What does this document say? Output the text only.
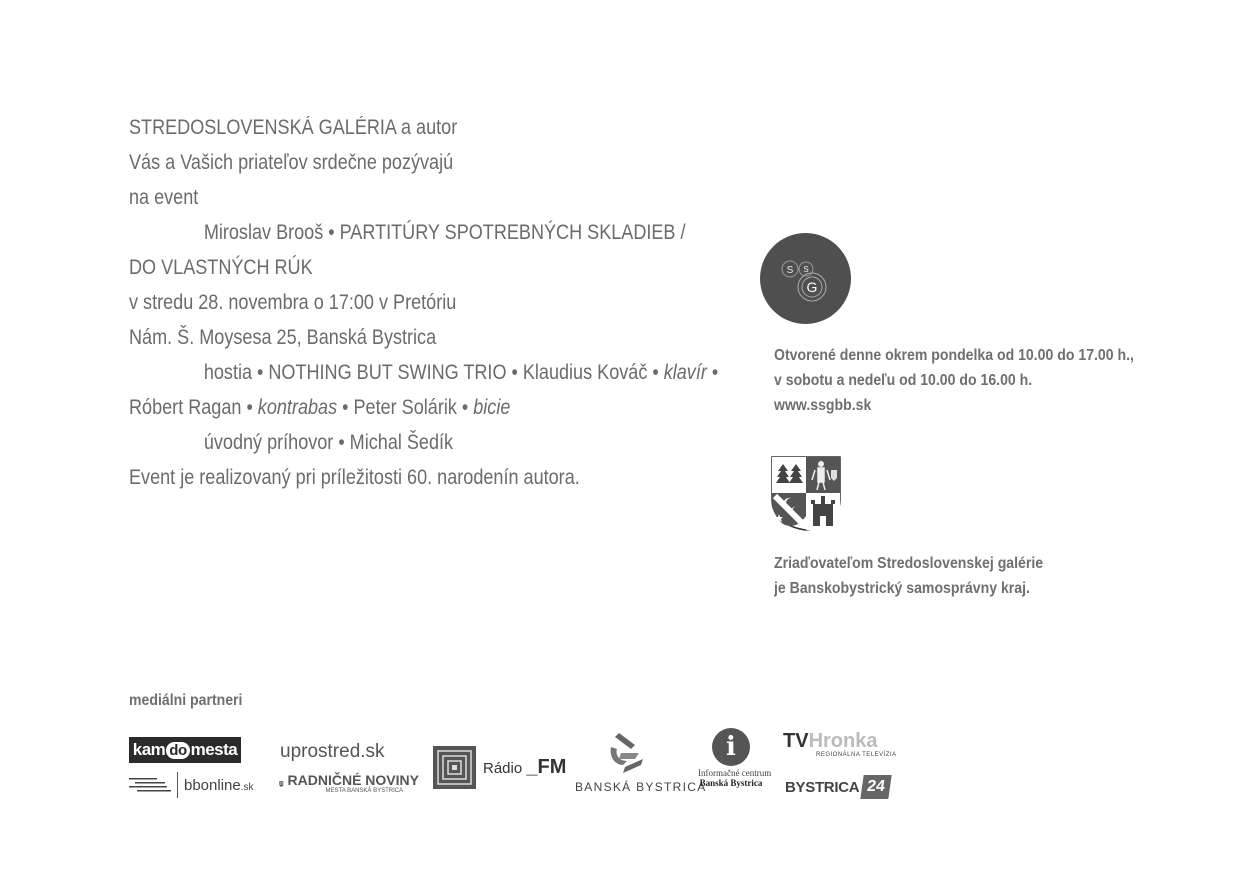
STREDOSLOVENSKÁ GALÉRIA a autor
Vás a Vašich priateľov srdečne pozývajú
na event
Miroslav Brooš • PARTITÚRY SPOTREBNÝCH SKLADIEB /
DO VLASTNÝCH RÚK
v stredu 28. novembra o 17:00 v Pretóriu
Nám. Š. Moysesa 25, Banská Bystrica
hostia • NOTHING BUT SWING TRIO • Klaudius Kováč • klavír •
Róbert Ragan • kontrabas • Peter Solárik • bicie
úvodný príhovor • Michal Šedík
Event je realizovaný pri príležitosti 60. narodenín autora.
S S
G
Otvorené denne okrem pondelka od 10.00 do 17.00 h.,
v sobotu a nedeľu od 10.00 do 16.00 h.
www.ssgbb.sk
Zriaďovateľom Stredoslovenskej galérie
je Banskobystrický samosprávny kraj.
mediálni partneri
kam do mesta
bbonline.sk
uprostred.sk
RADNIČNÉ NOVINY
MESTA BANSKÁ BYSTRICA
Rádio _FM
BANSKÁ BYSTRICA
i
Informačné centrum
Banská Bystrica
TVHronka
REGIONÁLNA TELEVÍZIA
BYSTRICA 24
